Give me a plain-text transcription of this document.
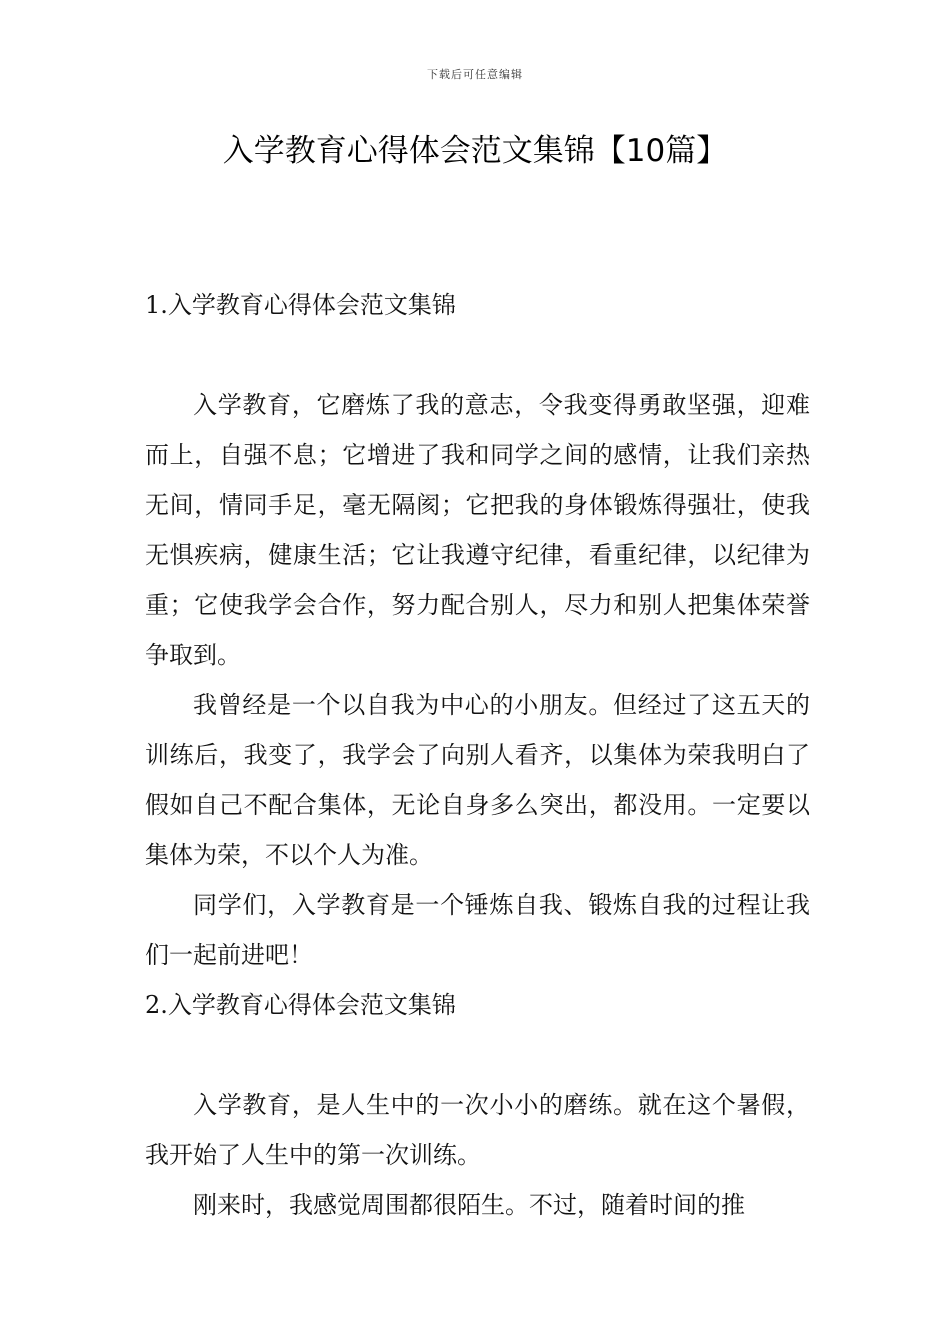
下载后可任意编辑
入学教育心得体会范文集锦【10篇】
1.入学教育心得体会范文集锦

入学教育，它磨炼了我的意志，令我变得勇敢坚强，迎难而上，自强不息；它增进了我和同学之间的感情，让我们亲热无间，情同手足，毫无隔阂；它把我的身体锻炼得强壮，使我无惧疾病，健康生活；它让我遵守纪律，看重纪律，以纪律为重；它使我学会合作，努力配合别人，尽力和别人把集体荣誉争取到。

我曾经是一个以自我为中心的小朋友。但经过了这五天的训练后，我变了，我学会了向别人看齐，以集体为荣我明白了假如自己不配合集体，无论自身多么突出，都没用。一定要以集体为荣，不以个人为准。

同学们，入学教育是一个锤炼自我、锻炼自我的过程让我们一起前进吧！

2.入学教育心得体会范文集锦

入学教育，是人生中的一次小小的磨练。就在这个暑假，我开始了人生中的第一次训练。

刚来时，我感觉周围都很陌生。不过，随着时间的推
